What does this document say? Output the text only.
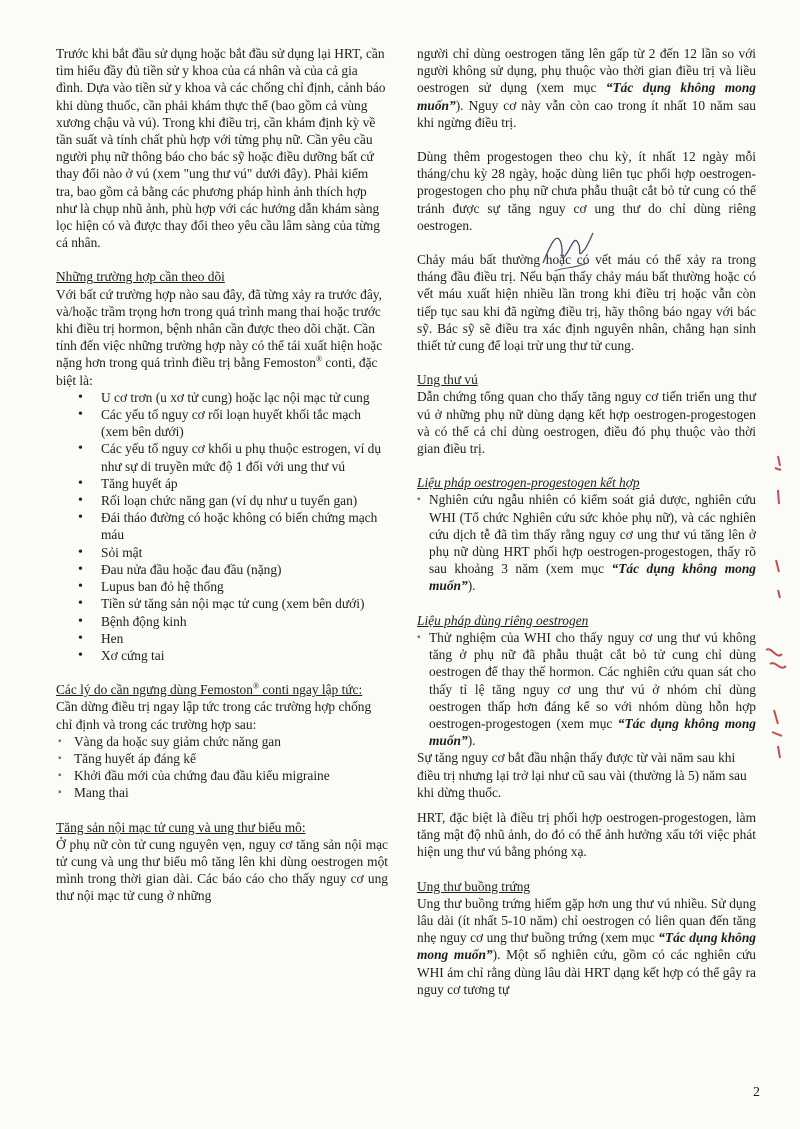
Trước khi bắt đầu sử dụng hoặc bắt đầu sử dụng lại HRT, cần tìm hiểu đầy đủ tiền sử y khoa của cá nhân và của cả gia đình. Dựa vào tiền sử y khoa và các chống chỉ định, cảnh báo khi dùng thuốc, cần phải khám thực thể (bao gồm cả vùng xương chậu và vú). Trong khi điều trị, cần khám định kỳ về tần suất và tính chất phù hợp với từng phụ nữ. Cần yêu cầu người phụ nữ thông báo cho bác sỹ hoặc điều dưỡng bất cứ thay đổi nào ở vú (xem "ung thư vú" dưới đây). Phải kiểm tra, bao gồm cả bằng các phương pháp hình ảnh thích hợp như là chụp nhũ ảnh, phù hợp với các hướng dẫn khám sàng lọc hiện có và được thay đổi theo yêu cầu lâm sàng của từng cá nhân.

Những trường hợp cần theo dõi

Với bất cứ trường hợp nào sau đây, đã từng xảy ra trước đây, và/hoặc trầm trọng hơn trong quá trình mang thai hoặc trước khi điều trị hormon, bệnh nhân cần được theo dõi chặt. Cần tính đến việc những trường hợp này có thể tái xuất hiện hoặc nặng hơn trong quá trình điều trị bằng Femoston® conti, đặc biệt là:

• U cơ trơn (u xơ tử cung) hoặc lạc nội mạc tử cung
• Các yếu tố nguy cơ rối loạn huyết khối tắc mạch (xem bên dưới)
• Các yếu tố nguy cơ khối u phụ thuộc estrogen, ví dụ như sự di truyền mức độ 1 đối với ung thư vú
• Tăng huyết áp
• Rối loạn chức năng gan (ví dụ như u tuyến gan)
• Đái tháo đường có hoặc không có biến chứng mạch máu
• Sỏi mật
• Đau nửa đầu hoặc đau đầu (nặng)
• Lupus ban đỏ hệ thống
• Tiền sử tăng sản nội mạc tử cung (xem bên dưới)
• Bệnh động kinh
• Hen
• Xơ cứng tai

Các lý do cần ngưng dùng Femoston® conti ngay lập tức:

Cần dừng điều trị ngay lập tức trong các trường hợp chống chỉ định và trong các trường hợp sau:

▪ Vàng da hoặc suy giảm chức năng gan
▪ Tăng huyết áp đáng kể
▪ Khởi đầu mới của chứng đau đầu kiểu migraine
▪ Mang thai

Tăng sản nội mạc tử cung và ung thư biểu mô:

Ở phụ nữ còn tử cung nguyên vẹn, nguy cơ tăng sản nội mạc tử cung và ung thư biểu mô tăng lên khi dùng oestrogen một mình trong thời gian dài. Các báo cáo cho thấy nguy cơ ung thư nội mạc tử cung ở những

người chỉ dùng oestrogen tăng lên gấp từ 2 đến 12 lần so với người không sử dụng, phụ thuộc vào thời gian điều trị và liều oestrogen sử dụng (xem mục “Tác dụng không mong muốn”). Nguy cơ này vẫn còn cao trong ít nhất 10 năm sau khi ngừng điều trị.

Dùng thêm progestogen theo chu kỳ, ít nhất 12 ngày mỗi tháng/chu kỳ 28 ngày, hoặc dùng liên tục phối hợp oestrogen-progestogen cho phụ nữ chưa phẫu thuật cắt bỏ tử cung có thể tránh được sự tăng nguy cơ ung thư do chỉ dùng riêng oestrogen.

Chảy máu bất thường hoặc có vết máu có thể xảy ra trong tháng đầu điều trị. Nếu bạn thấy chảy máu bất thường hoặc có vết máu xuất hiện nhiều lần trong khi điều trị hoặc vẫn còn tiếp tục sau khi đã ngừng điều trị, hãy thông báo ngay với bác sỹ. Bác sỹ sẽ điều tra xác định nguyên nhân, chẳng hạn sinh thiết tử cung để loại trừ ung thư tử cung.

Ung thư vú

Dẫn chứng tổng quan cho thấy tăng nguy cơ tiến triển ung thư vú ở những phụ nữ dùng dạng kết hợp oestrogen-progestogen và có thể cả chỉ dùng oestrogen, điều đó phụ thuộc vào thời gian điều trị.

Liệu pháp oestrogen-progestogen kết hợp

▪ Nghiên cứu ngẫu nhiên có kiểm soát giả dược, nghiên cứu WHI (Tổ chức Nghiên cứu sức khỏe phụ nữ), và các nghiên cứu dịch tễ đã tìm thấy rằng nguy cơ ung thư vú tăng lên ở phụ nữ dùng HRT phối hợp oestrogen-progestogen, thấy rõ sau khoảng 3 năm (xem mục “Tác dụng không mong muốn”).

Liệu pháp dùng riêng oestrogen

▪ Thử nghiệm của WHI cho thấy nguy cơ ung thư vú không tăng ở phụ nữ đã phẫu thuật cắt bỏ tử cung chỉ dùng oestrogen để thay thế hormon. Các nghiên cứu quan sát cho thấy tỉ lệ tăng nguy cơ ung thư vú ở nhóm chỉ dùng oestrogen thấp hơn đáng kể so với nhóm dùng hỗn hợp oestrogen-progestogen (xem mục “Tác dụng không mong muốn”).

Sự tăng nguy cơ bắt đầu nhận thấy được từ vài năm sau khi điều trị nhưng lại trở lại như cũ sau vài (thường là 5) năm sau khi dừng thuốc.

HRT, đặc biệt là điều trị phối hợp oestrogen-progestogen, làm tăng mật độ nhũ ảnh, do đó có thể ảnh hưởng xấu tới việc phát hiện ung thư vú bằng phóng xạ.

Ung thư buồng trứng

Ung thư buồng trứng hiếm gặp hơn ung thư vú nhiều. Sử dụng lâu dài (ít nhất 5-10 năm) chỉ oestrogen có liên quan đến tăng nhẹ nguy cơ ung thư buồng trứng (xem mục “Tác dụng không mong muốn”). Một số nghiên cứu, gồm có các nghiên cứu WHI ám chỉ rằng dùng lâu dài HRT dạng kết hợp có thể gây ra nguy cơ tương tự

2
